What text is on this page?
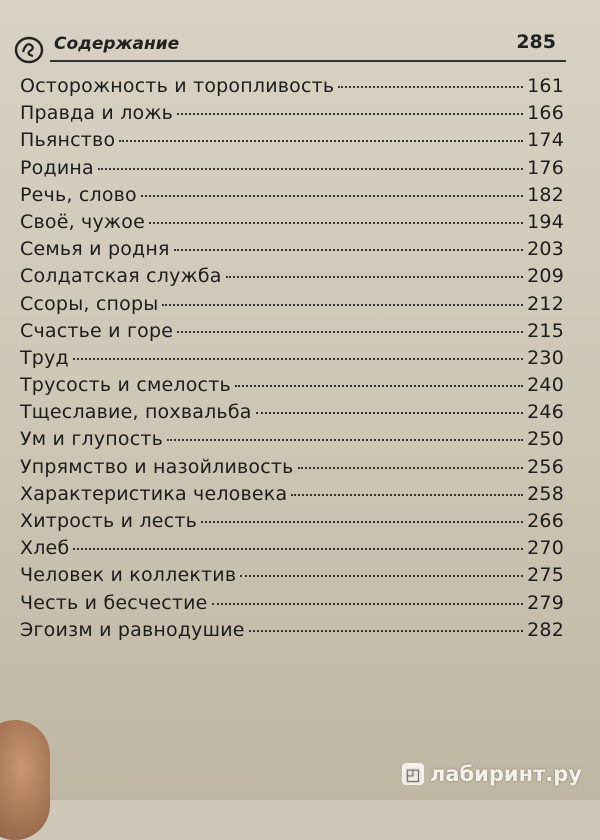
Содержание	285
Осторожность и торопливость	161
Правда и ложь	166
Пьянство	174
Родина	176
Речь, слово	182
Своё, чужое	194
Семья и родня	203
Солдатская служба	209
Ссоры, споры	212
Счастье и горе	215
Труд	230
Трусость и смелость	240
Тщеславие, похвальба	246
Ум и глупость	250
Упрямство и назойливость	256
Характеристика человека	258
Хитрость и лесть	266
Хлеб	270
Человек и коллектив	275
Честь и бесчестие	279
Эгоизм и равнодушие	282
◰ лабиринт.ру
